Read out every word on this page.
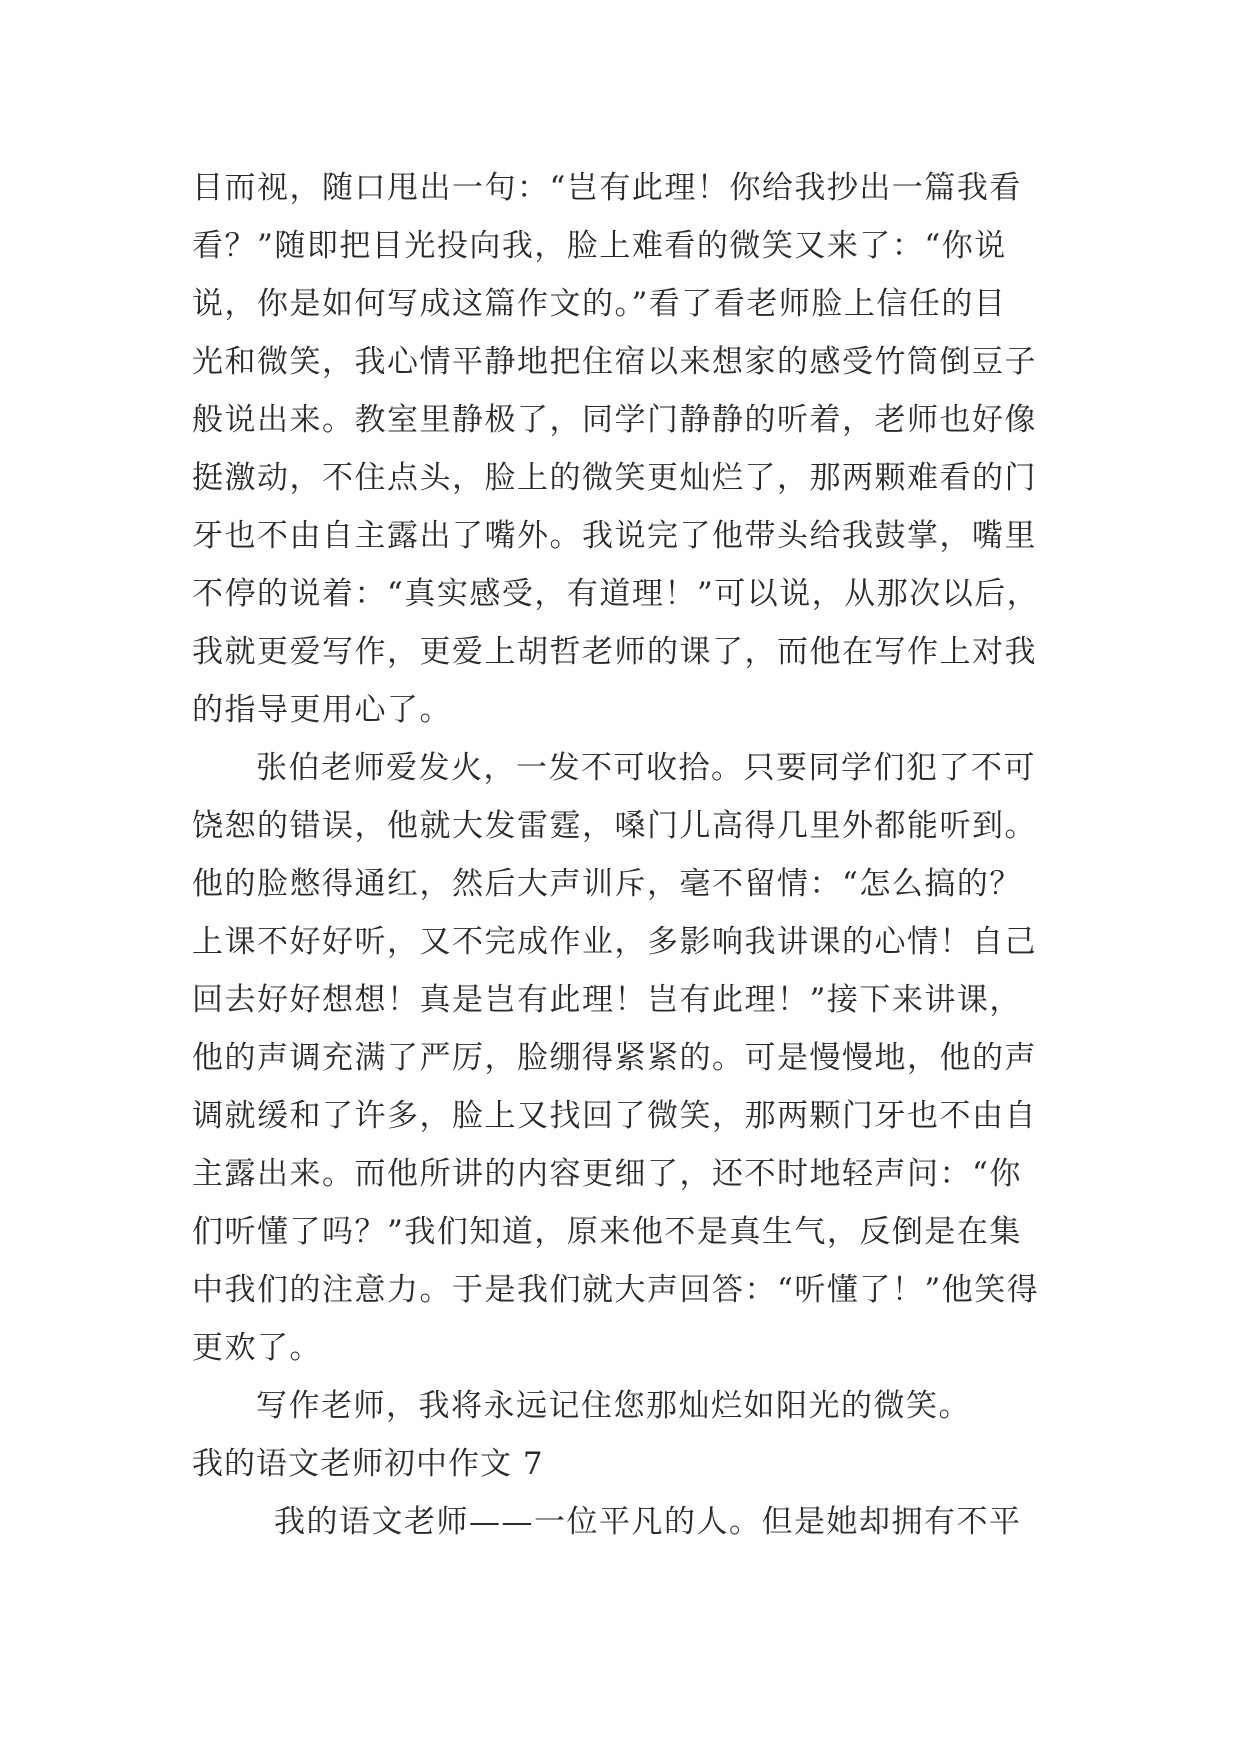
目而视，随口甩出一句：“岂有此理！你给我抄出一篇我看
看？”随即把目光投向我，脸上难看的微笑又来了：“你说
说，你是如何写成这篇作文的。”看了看老师脸上信任的目
光和微笑，我心情平静地把住宿以来想家的感受竹筒倒豆子
般说出来。教室里静极了，同学门静静的听着，老师也好像
挺激动，不住点头，脸上的微笑更灿烂了，那两颗难看的门
牙也不由自主露出了嘴外。我说完了他带头给我鼓掌，嘴里
不停的说着：“真实感受，有道理！”可以说，从那次以后，
我就更爱写作，更爱上胡哲老师的课了，而他在写作上对我
的指导更用心了。
张伯老师爱发火，一发不可收拾。只要同学们犯了不可
饶恕的错误，他就大发雷霆，嗓门儿高得几里外都能听到。
他的脸憋得通红，然后大声训斥，毫不留情：“怎么搞的？
上课不好好听，又不完成作业，多影响我讲课的心情！自己
回去好好想想！真是岂有此理！岂有此理！”接下来讲课，
他的声调充满了严厉，脸绷得紧紧的。可是慢慢地，他的声
调就缓和了许多，脸上又找回了微笑，那两颗门牙也不由自
主露出来。而他所讲的内容更细了，还不时地轻声问：“你
们听懂了吗？”我们知道，原来他不是真生气，反倒是在集
中我们的注意力。于是我们就大声回答：“听懂了！”他笑得
更欢了。
写作老师，我将永远记住您那灿烂如阳光的微笑。
我的语文老师初中作文 7
我的语文老师——一位平凡的人。但是她却拥有不平
